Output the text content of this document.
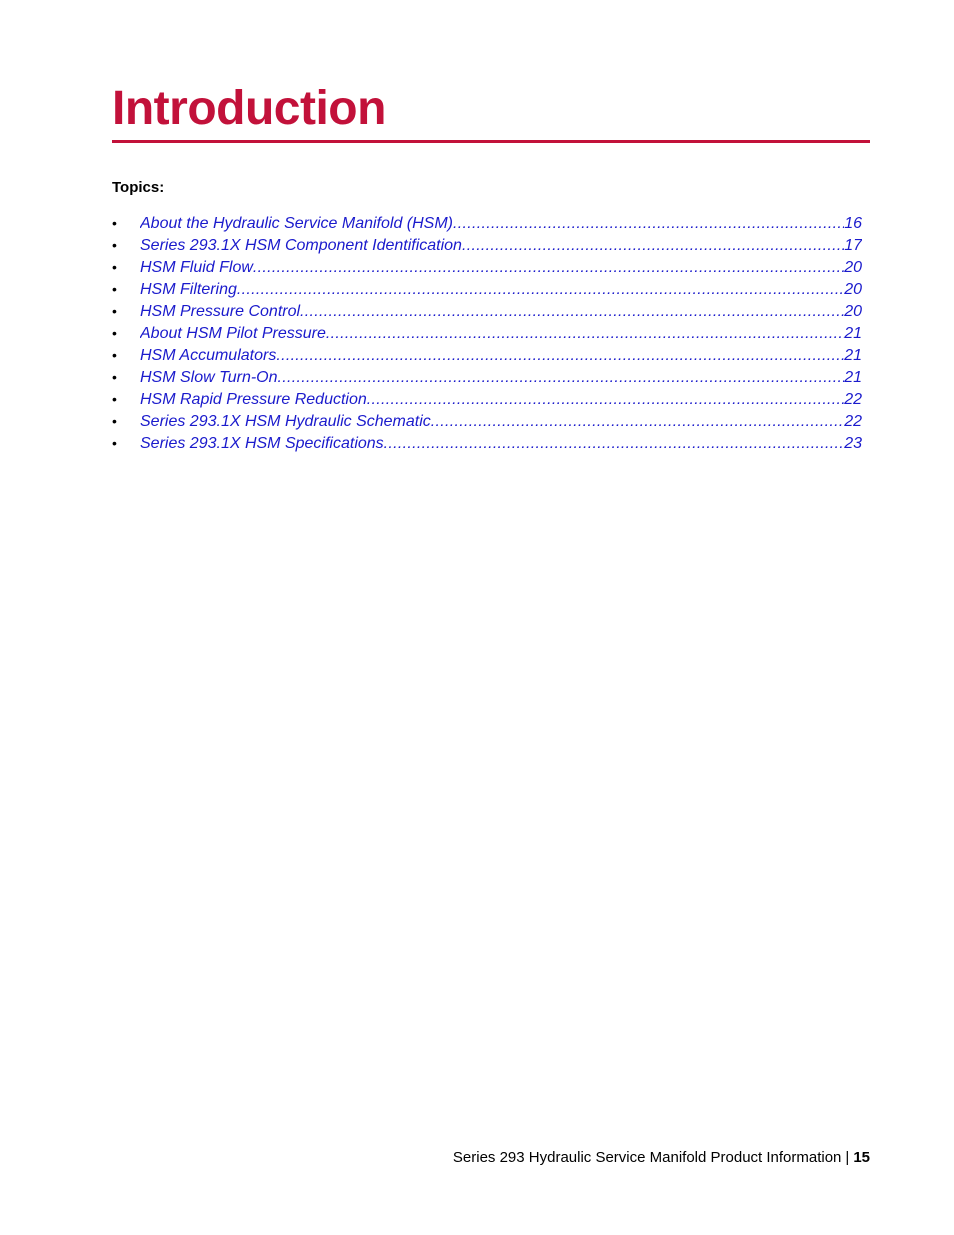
Introduction
Topics:
•	About the Hydraulic Service Manifold (HSM) .....	16
•	Series 293.1X HSM Component Identification .....	17
•	HSM Fluid Flow .....	20
•	HSM Filtering .....	20
•	HSM Pressure Control .....	20
•	About HSM Pilot Pressure .....	21
•	HSM Accumulators .....	21
•	HSM Slow Turn-On .....	21
•	HSM Rapid Pressure Reduction .....	22
•	Series 293.1X HSM Hydraulic Schematic .....	22
•	Series 293.1X HSM Specifications .....	23
Series 293 Hydraulic Service Manifold Product Information | 15
